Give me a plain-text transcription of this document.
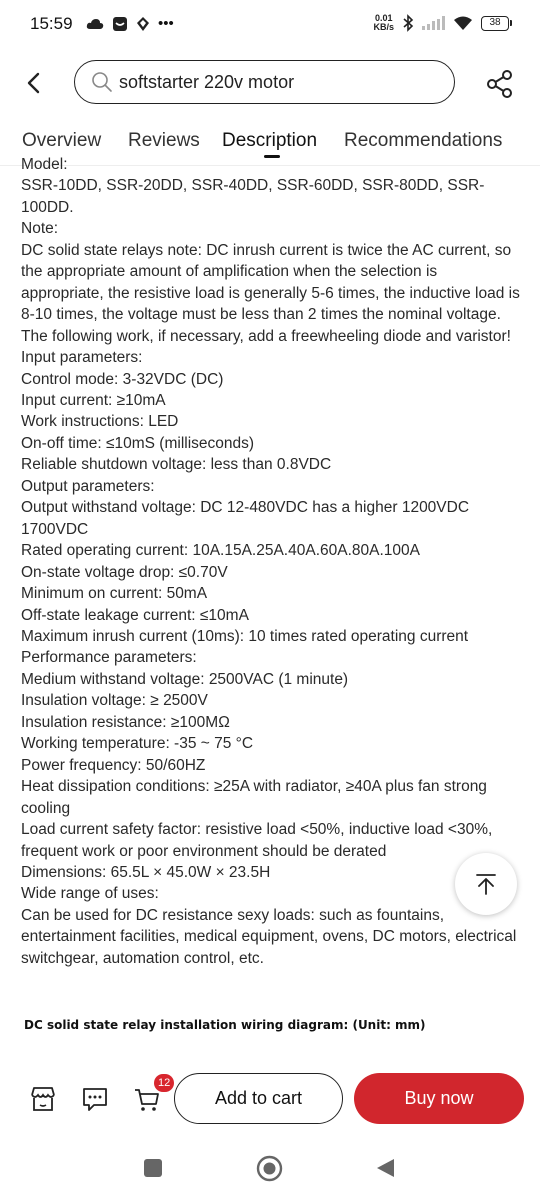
15:59	•••	0.01
KB/s	38
softstarter 220v motor
Overview Reviews Description Recommendations

Model:

SSR-10DD, SSR-20DD, SSR-40DD, SSR-60DD, SSR-80DD, SSR-100DD.

Note:

DC solid state relays note: DC inrush current is twice the AC current, so the appropriate amount of amplification when the selection is appropriate, the resistive load is generally 5-6 times, the inductive load is 8-10 times, the voltage must be less than 2 times the nominal voltage. The following work, if necessary, add a freewheeling diode and varistor!

Input parameters:

Control mode: 3-32VDC (DC)

Input current: ≥10mA

Work instructions: LED

On-off time: ≤10mS (milliseconds)

Reliable shutdown voltage: less than 0.8VDC

Output parameters:

Output withstand voltage: DC 12-480VDC has a higher 1200VDC 1700VDC

Rated operating current: 10A.15A.25A.40A.60A.80A.100A

On-state voltage drop: ≤0.70V

Minimum on current: 50mA

Off-state leakage current: ≤10mA

Maximum inrush current (10ms): 10 times rated operating current

Performance parameters:

Medium withstand voltage: 2500VAC (1 minute)

Insulation voltage: ≥ 2500V

Insulation resistance: ≥100MΩ

Working temperature: -35 ~ 75 °C

Power frequency: 50/60HZ

Heat dissipation conditions: ≥25A with radiator, ≥40A plus fan strong cooling

Load current safety factor: resistive load <50%, inductive load <30%, frequent work or poor environment should be derated

Dimensions: 65.5L × 45.0W × 23.5H

Wide range of uses:

Can be used for DC resistance sexy loads: such as fountains, entertainment facilities, medical equipment, ovens, DC motors, electrical switchgear, automation control, etc.

DC solid state relay installation wiring diagram: (Unit: mm)
12
Add to cart	Buy now
